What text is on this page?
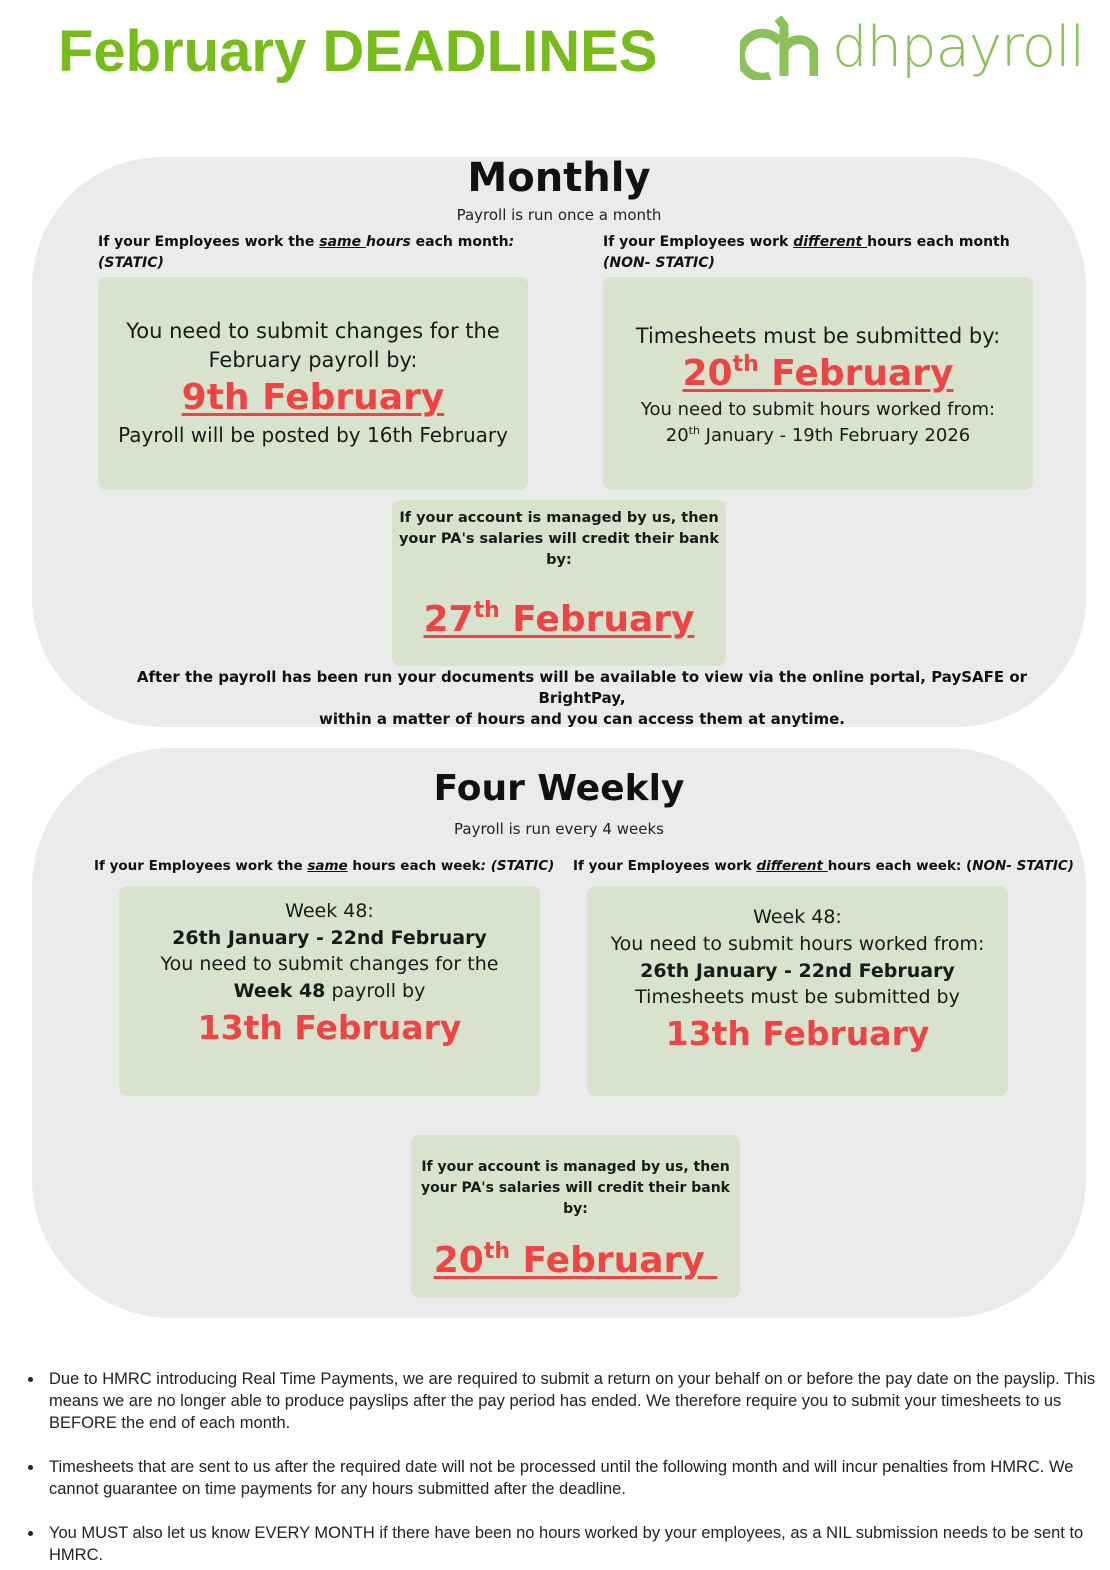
February DEADLINES	dhpayroll
Monthly
Payroll is run once a month
If your Employees work the same hours each month:
(STATIC)
If your Employees work different hours each month
(NON- STATIC)
You need to submit changes for the
February payroll by:
9th February
Payroll will be posted by 16th February
Timesheets must be submitted by:
20th February
You need to submit hours worked from:
20th January - 19th February 2026
If your account is managed by us, then
your PA's salaries will credit their bank by:
27th February
After the payroll has been run your documents will be available to view via the online portal, PaySAFE or BrightPay,
within a matter of hours and you can access them at anytime.
Four Weekly
Payroll is run every 4 weeks
If your Employees work the same hours each week: (STATIC) If your Employees work different hours each week: (NON- STATIC)
Week 48:
26th January - 22nd February
You need to submit changes for the
Week 48 payroll by
13th February
Week 48:
You need to submit hours worked from:
26th January - 22nd February
Timesheets must be submitted by
13th February
If your account is managed by us, then
your PA's salaries will credit their bank by:
20th February
Due to HMRC introducing Real Time Payments, we are required to submit a return on your behalf on or before the pay date on the payslip. This means we are no longer able to produce payslips after the pay period has ended. We therefore require you to submit your timesheets to us BEFORE the end of each month.
Timesheets that are sent to us after the required date will not be processed until the following month and will incur penalties from HMRC. We cannot guarantee on time payments for any hours submitted after the deadline.
You MUST also let us know EVERY MONTH if there have been no hours worked by your employees, as a NIL submission needs to be sent to HMRC.
